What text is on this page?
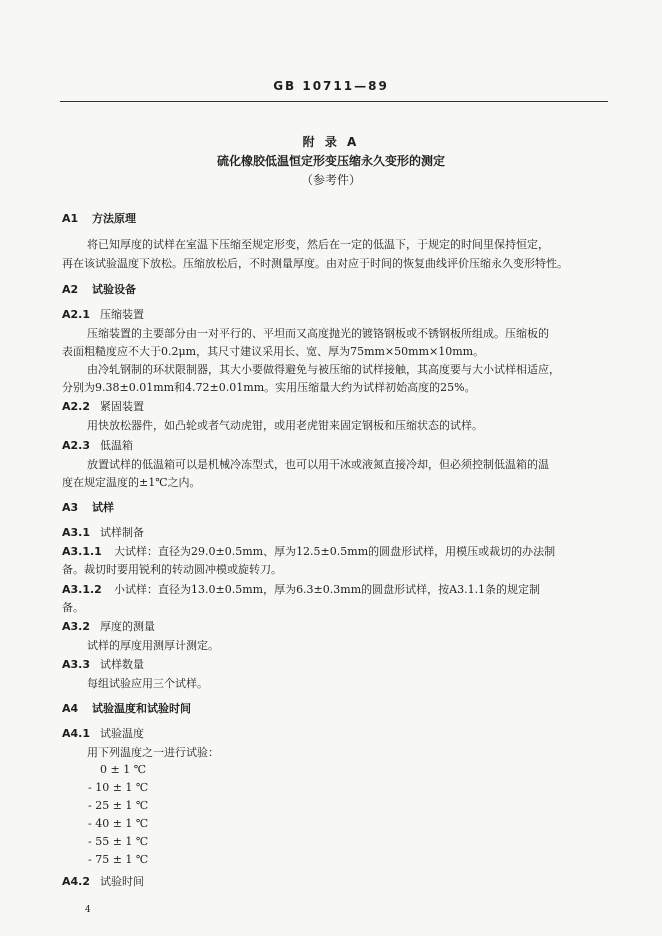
GB 10711—89
附 录 A
硫化橡胶低温恒定形变压缩永久变形的测定
（参考件）
A1 方法原理
将已知厚度的试样在室温下压缩至规定形变，然后在一定的低温下，于规定的时间里保持恒定，
再在该试验温度下放松。压缩放松后，不时测量厚度。由对应于时间的恢复曲线评价压缩永久变形特性。
A2 试验设备
A2.1 压缩装置
压缩装置的主要部分由一对平行的、平坦而又高度抛光的镀铬钢板或不锈钢板所组成。压缩板的
表面粗糙度应不大于0.2μm，其尺寸建议采用长、宽、厚为75mm×50mm×10mm。
由冷轧钢制的环状限制器，其大小要做得避免与被压缩的试样接触，其高度要与大小试样相适应，
分别为9.38±0.01mm和4.72±0.01mm。实用压缩量大约为试样初始高度的25%。
A2.2 紧固装置
用快放松器件，如凸轮或者气动虎钳，或用老虎钳来固定钢板和压缩状态的试样。
A2.3 低温箱
放置试样的低温箱可以是机械冷冻型式，也可以用干冰或液氮直接冷却，但必须控制低温箱的温
度在规定温度的±1℃之内。
A3 试样
A3.1 试样制备
A3.1.1 大试样：直径为29.0±0.5mm、厚为12.5±0.5mm的圆盘形试样，用模压或裁切的办法制
备。裁切时要用锐利的转动圆冲模或旋转刀。
A3.1.2 小试样：直径为13.0±0.5mm，厚为6.3±0.3mm的圆盘形试样，按A3.1.1条的规定制
备。
A3.2 厚度的测量
试样的厚度用测厚计测定。
A3.3 试样数量
每组试验应用三个试样。
A4 试验温度和试验时间
A4.1 试验温度
用下列温度之一进行试验：
0 ± 1 ℃
- 10 ± 1 ℃
- 25 ± 1 ℃
- 40 ± 1 ℃
- 55 ± 1 ℃
- 75 ± 1 ℃
A4.2 试验时间
4
